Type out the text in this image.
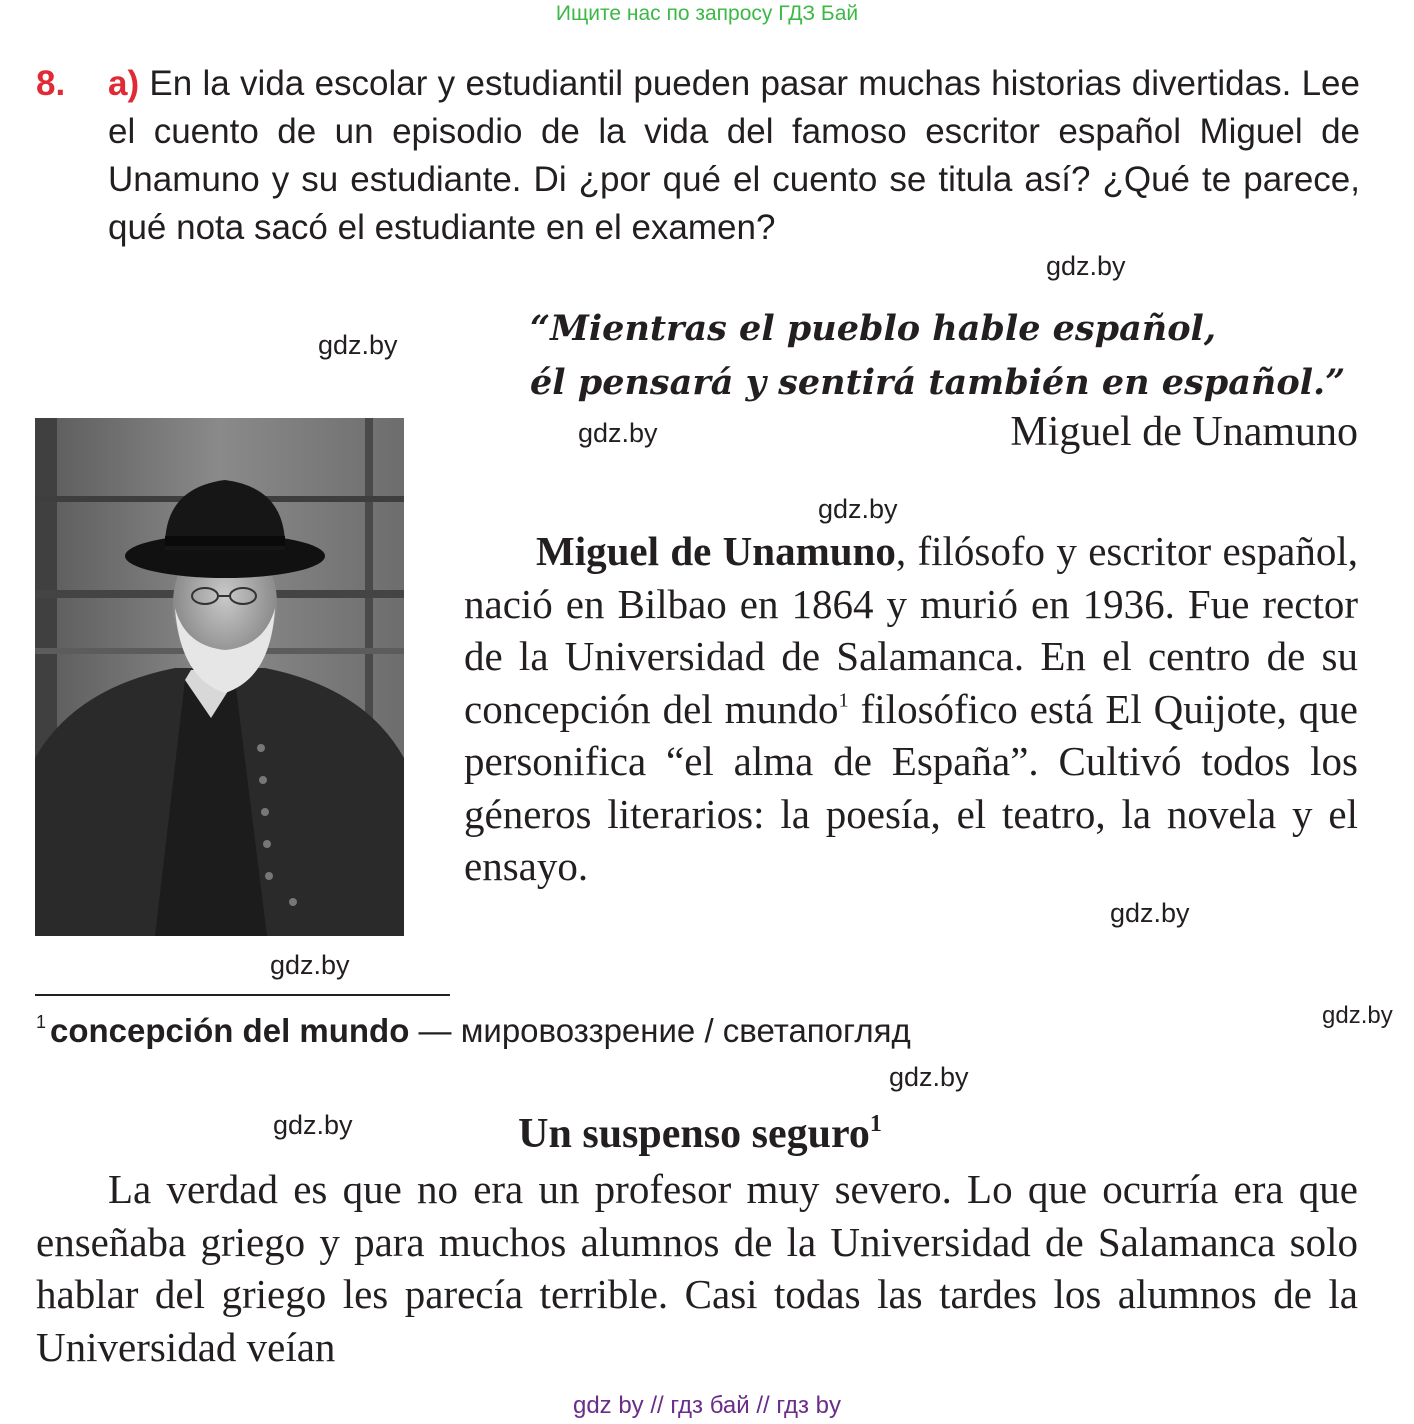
Ищите нас по запросу ГДЗ Бай
8. a) En la vida escolar y estudiantil pueden pasar muchas historias divertidas. Lee el cuento de un episodio de la vida del famoso escritor español Miguel de Unamuno y su estudiante. Di ¿por qué el cuento se titula así? ¿Qué te parece, qué nota sacó el estudiante en el examen?
gdz.by
gdz.by	“Mientras el pueblo hable español,
él pensará y sentirá también en español.”
gdz.by	Miguel de Unamuno
gdz.by
Miguel de Unamuno, filósofo y escritor español, nació en Bilbao en 1864 y murió en 1936. Fue rector de la Universidad de Salamanca. En el centro de su concepción del mundo$^1$ filosófico está El Quijote, que personifica “el alma de España”. Cultivó todos los géneros literarios: la poesía, el teatro, la novela y el ensayo.
gdz.by
gdz.by
$^1$ concepción del mundo — мировоззрение / светапогляд	gdz.by
gdz.by
gdz.by	Un suspenso seguro$^1$
La verdad es que no era un profesor muy severo. Lo que ocurría era que enseñaba griego y para muchos alumnos de la Universidad de Salamanca solo hablar del griego les parecía terrible. Casi todas las tardes los alumnos de la Universidad veían
gdz by // гдз бай // гдз by
